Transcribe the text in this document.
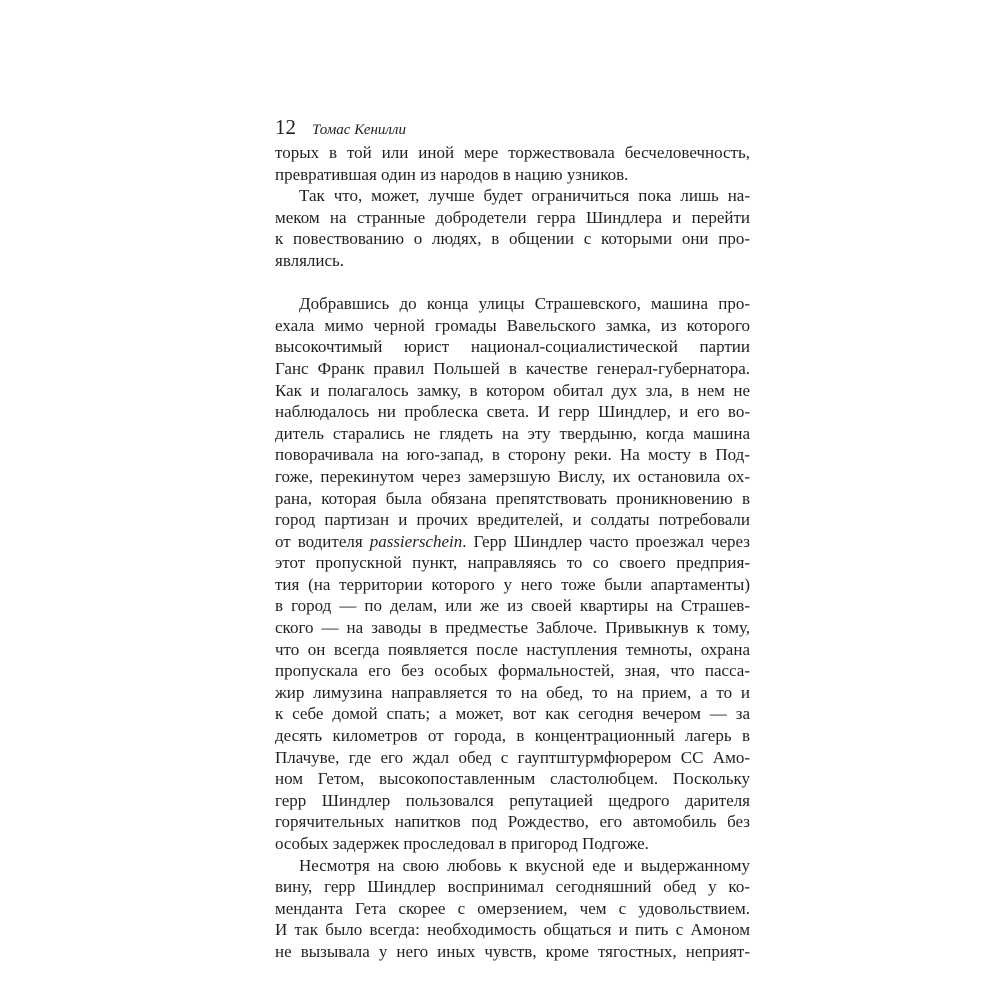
12 Томас Кенилли
торых в той или иной мере торжествовала бесчеловечность,
превратившая один из народов в нацию узников.
Так что, может, лучше будет ограничиться пока лишь на-
меком на странные добродетели герра Шиндлера и перейти
к повествованию о людях, в общении с которыми они про-
являлись.
Добравшись до конца улицы Страшевского, машина про-
ехала мимо черной громады Вавельского замка, из которого
высокочтимый юрист национал-социалистической партии
Ганс Франк правил Польшей в качестве генерал-губернатора.
Как и полагалось замку, в котором обитал дух зла, в нем не
наблюдалось ни проблеска света. И герр Шиндлер, и его во-
дитель старались не глядеть на эту твердыню, когда машина
поворачивала на юго-запад, в сторону реки. На мосту в Под-
гоже, перекинутом через замерзшую Вислу, их остановила ох-
рана, которая была обязана препятствовать проникновению в
город партизан и прочих вредителей, и солдаты потребовали
от водителя passierschein. Герр Шиндлер часто проезжал через
этот пропускной пункт, направляясь то со своего предприя-
тия (на территории которого у него тоже были апартаменты)
в город — по делам, или же из своей квартиры на Страшев-
ского — на заводы в предместье Заблоче. Привыкнув к тому,
что он всегда появляется после наступления темноты, охрана
пропускала его без особых формальностей, зная, что пасса-
жир лимузина направляется то на обед, то на прием, а то и
к себе домой спать; а может, вот как сегодня вечером — за
десять километров от города, в концентрационный лагерь в
Плачуве, где его ждал обед с гауптштурмфюрером СС Амо-
ном Гетом, высокопоставленным сластолюбцем. Поскольку
герр Шиндлер пользовался репутацией щедрого дарителя
горячительных напитков под Рождество, его автомобиль без
особых задержек проследовал в пригород Подгоже.
Несмотря на свою любовь к вкусной еде и выдержанному
вину, герр Шиндлер воспринимал сегодняшний обед у ко-
менданта Гета скорее с омерзением, чем с удовольствием.
И так было всегда: необходимость общаться и пить с Амоном
не вызывала у него иных чувств, кроме тягостных, неприят-
